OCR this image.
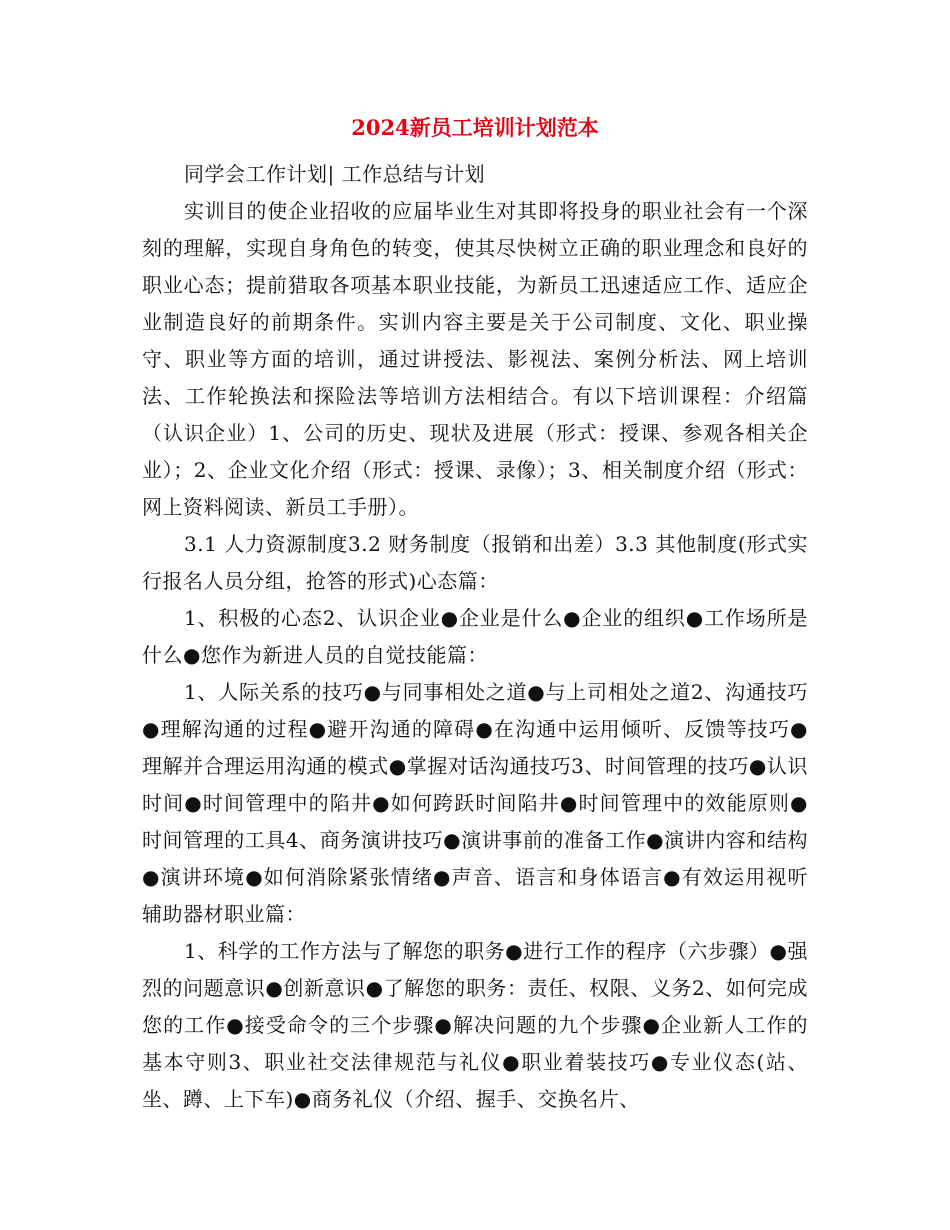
2024新员工培训计划范本

同学会工作计划| 工作总结与计划

实训目的使企业招收的应届毕业生对其即将投身的职业社会有一个深刻的理解，实现自身角色的转变，使其尽快树立正确的职业理念和良好的职业心态；提前猎取各项基本职业技能，为新员工迅速适应工作、适应企业制造良好的前期条件。实训内容主要是关于公司制度、文化、职业操守、职业等方面的培训，通过讲授法、影视法、案例分析法、网上培训法、工作轮换法和探险法等培训方法相结合。有以下培训课程：介绍篇（认识企业）1、公司的历史、现状及进展（形式：授课、参观各相关企业）；2、企业文化介绍（形式：授课、录像）；3、相关制度介绍（形式：网上资料阅读、新员工手册）。

3.1 人力资源制度3.2 财务制度（报销和出差）3.3 其他制度(形式实行报名人员分组，抢答的形式)心态篇：

1、积极的心态2、认识企业●企业是什么●企业的组织●工作场所是什么●您作为新进人员的自觉技能篇：

1、人际关系的技巧●与同事相处之道●与上司相处之道2、沟通技巧●理解沟通的过程●避开沟通的障碍●在沟通中运用倾听、反馈等技巧●理解并合理运用沟通的模式●掌握对话沟通技巧3、时间管理的技巧●认识时间●时间管理中的陷井●如何跨跃时间陷井●时间管理中的效能原则●时间管理的工具4、商务演讲技巧●演讲事前的准备工作●演讲内容和结构●演讲环境●如何消除紧张情绪●声音、语言和身体语言●有效运用视听辅助器材职业篇：

1、科学的工作方法与了解您的职务●进行工作的程序（六步骤）●强烈的问题意识●创新意识●了解您的职务：责任、权限、义务2、如何完成您的工作●接受命令的三个步骤●解决问题的九个步骤●企业新人工作的基本守则3、职业社交法律规范与礼仪●职业着装技巧●专业仪态(站、坐、蹲、上下车)●商务礼仪（介绍、握手、交换名片、
